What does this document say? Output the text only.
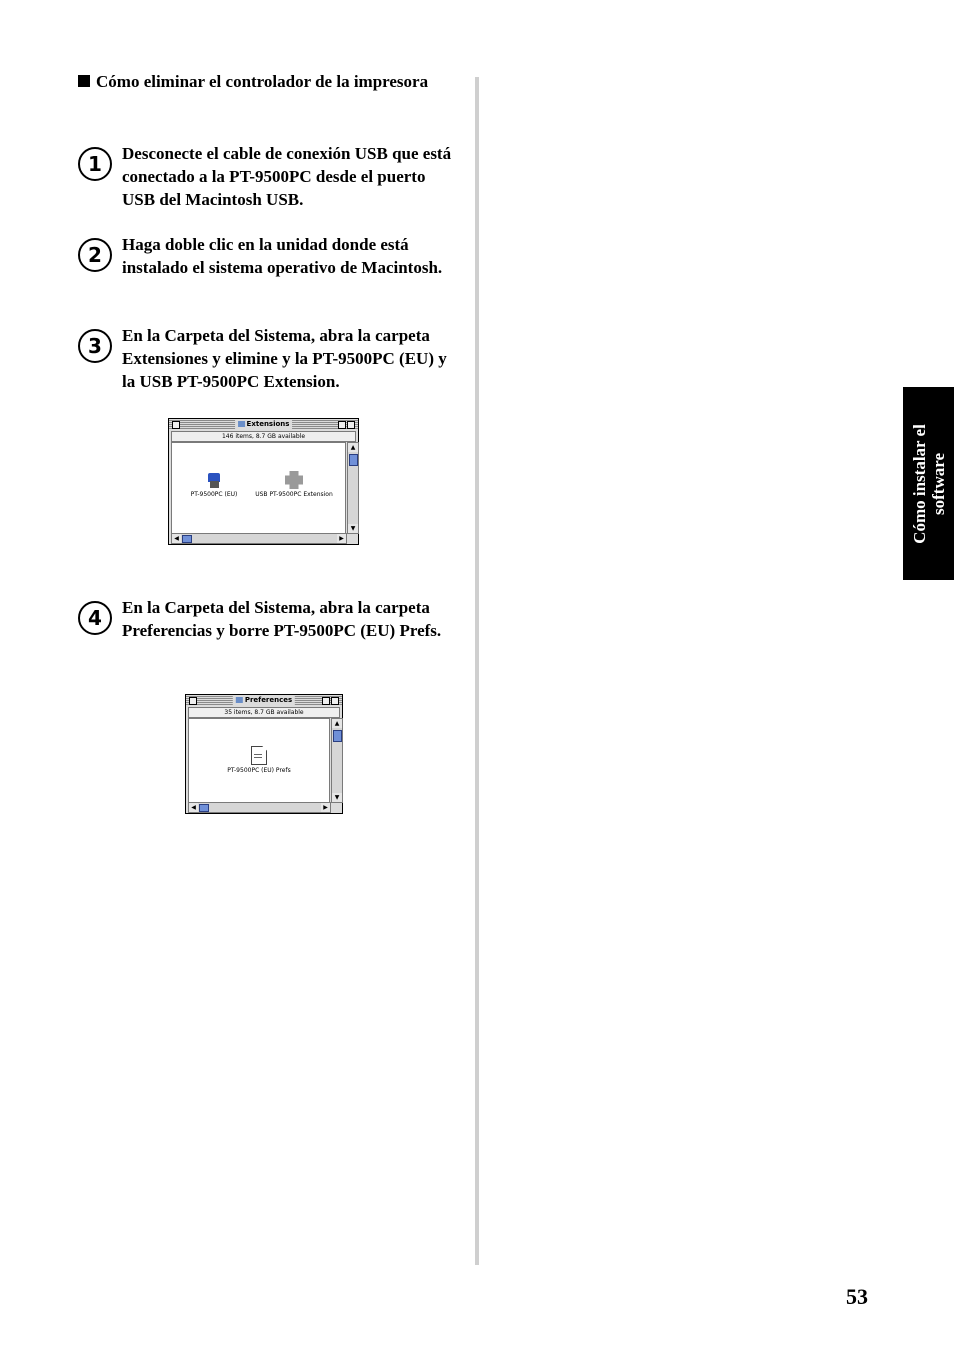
Cómo eliminar el controlador de la impresora
1	Desconecte el cable de conexión USB que está conectado a la PT-9500PC desde el puerto USB del Macintosh USB.
2	Haga doble clic en la unidad donde está instalado el sistema operativo de Macintosh.
3	En la Carpeta del Sistema, abra la carpeta Extensiones y elimine y la PT-9500PC (EU) y la USB PT-9500PC Extension.
Extensions
146 items, 8.7 GB available
PT-9500PC (EU)	USB PT-9500PC Extension
▲
▼
◀	▶
4	En la Carpeta del Sistema, abra la carpeta Preferencias y borre PT-9500PC (EU) Prefs.
Preferences
35 items, 8.7 GB available
PT-9500PC (EU) Prefs
▲
▼
◀	▶
Cómo instalar el software
53
